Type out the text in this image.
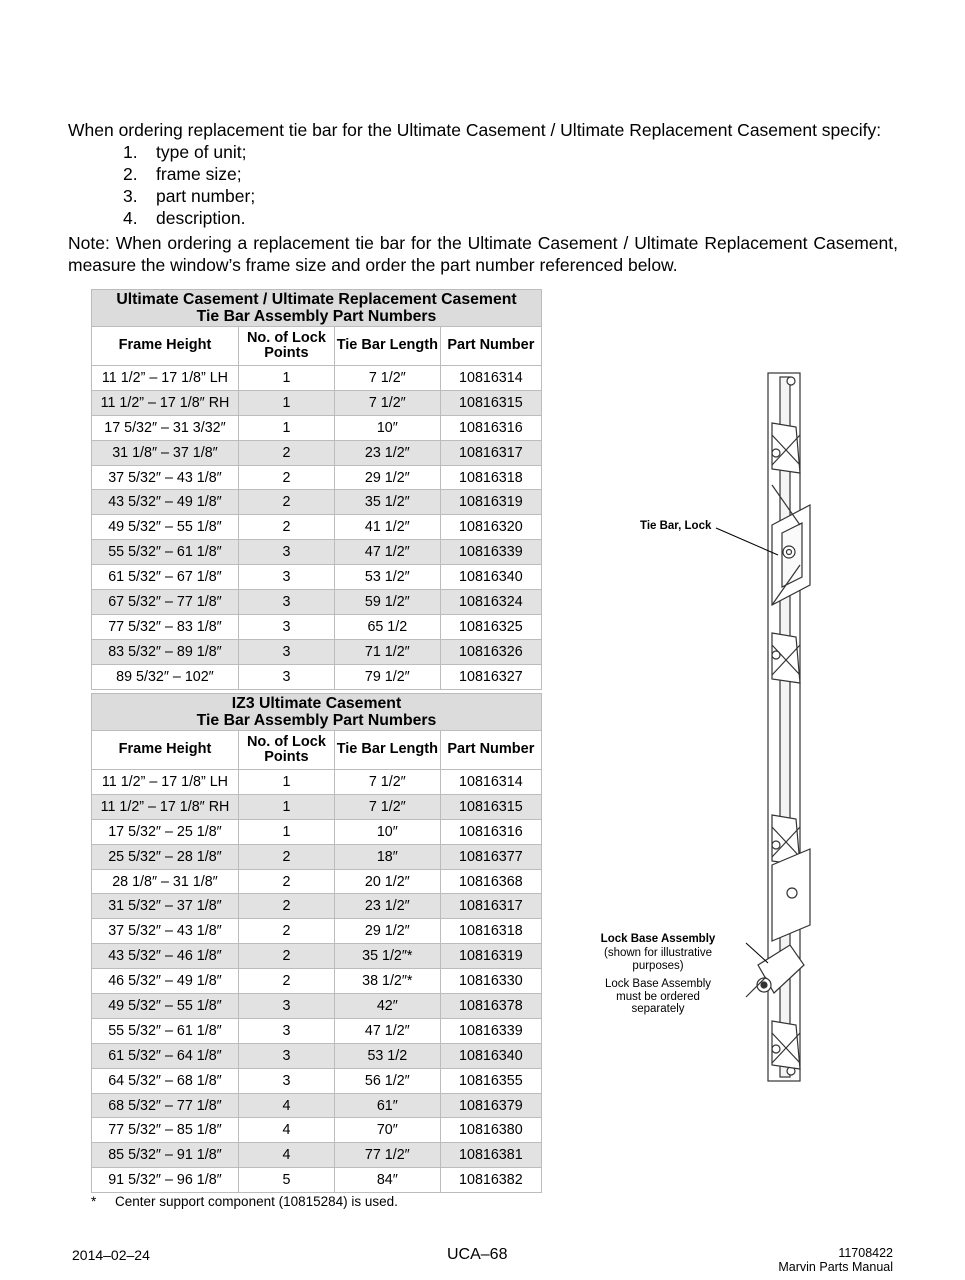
When ordering replacement tie bar for the Ultimate Casement / Ultimate Replacement Casement specify:
1. type of unit;
2. frame size;
3. part number;
4. description.
Note: When ordering a replacement tie bar for the Ultimate Casement / Ultimate Replacement Casement, measure the window’s frame size and order the part number referenced below.
Ultimate Casement / Ultimate Replacement Casement
Tie Bar Assembly Part Numbers			
Frame Height	No. of Lock Points	Tie Bar Length	Part Number
11 1/2” – 17 1/8” LH	1	7 1/2″	10816314
11 1/2” – 17 1/8″ RH	1	7 1/2″	10816315
17 5/32″ – 31 3/32″	1	10″	10816316
31 1/8″ – 37 1/8″	2	23 1/2″	10816317
37 5/32″ – 43 1/8″	2	29 1/2″	10816318
43 5/32″ – 49 1/8″	2	35 1/2″	10816319
49 5/32″ – 55 1/8″	2	41 1/2″	10816320
55 5/32″ – 61 1/8″	3	47 1/2″	10816339
61 5/32″ – 67 1/8″	3	53 1/2″	10816340
67 5/32″ – 77 1/8″	3	59 1/2″	10816324
77 5/32″ – 83 1/8″	3	65 1/2	10816325
83 5/32″ – 89 1/8″	3	71 1/2″	10816326
89 5/32″ – 102″	3	79 1/2″	10816327
IZ3 Ultimate Casement
Tie Bar Assembly Part Numbers			
Frame Height	No. of Lock Points	Tie Bar Length	Part Number
11 1/2” – 17 1/8” LH	1	7 1/2″	10816314
11 1/2” – 17 1/8″ RH	1	7 1/2″	10816315
17 5/32″ – 25 1/8″	1	10″	10816316
25 5/32″ – 28 1/8″	2	18″	10816377
28 1/8″ – 31 1/8″	2	20 1/2″	10816368
31 5/32″ – 37 1/8″	2	23 1/2″	10816317
37 5/32″ – 43 1/8″	2	29 1/2″	10816318
43 5/32″ – 46 1/8″	2	35 1/2″*	10816319
46 5/32″ – 49 1/8″	2	38 1/2″*	10816330
49 5/32″ – 55 1/8″	3	42″	10816378
55 5/32″ – 61 1/8″	3	47 1/2″	10816339
61 5/32″ – 64 1/8″	3	53 1/2	10816340
64 5/32″ – 68 1/8″	3	56 1/2″	10816355
68 5/32″ – 77 1/8″	4	61″	10816379
77 5/32″ – 85 1/8″	4	70″	10816380
85 5/32″ – 91 1/8″	4	77 1/2″	10816381
91 5/32″ – 96 1/8″	5	84″	10816382
* Center support component (10815284) is used.
Tie Bar, Lock
Lock Base Assembly
(shown for illustrative purposes)
Lock Base Assembly must be ordered separately
2014–02–24	UCA–68	11708422
Marvin Parts Manual
